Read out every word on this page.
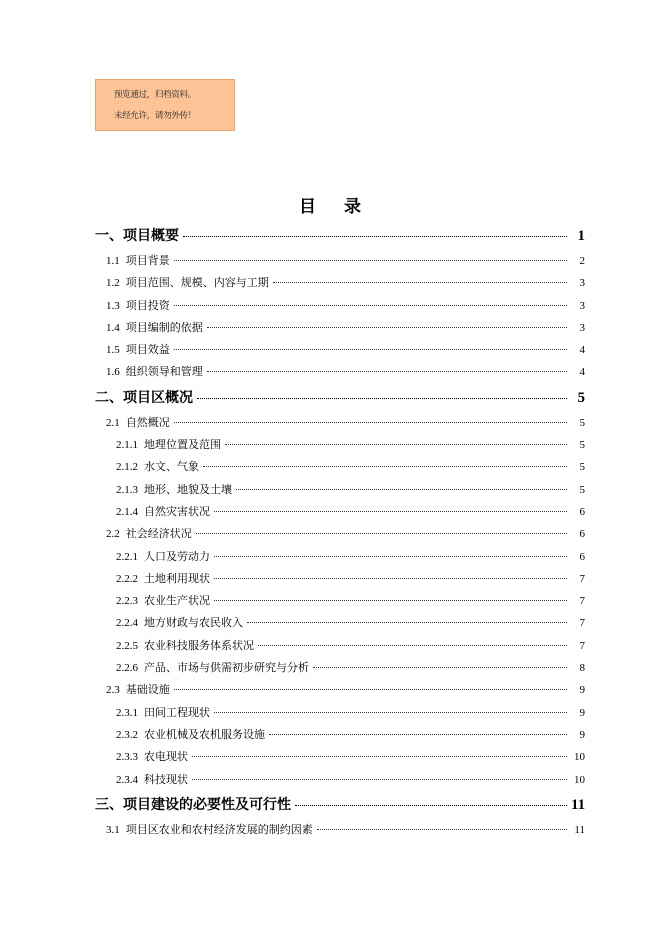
预览通过，归档资料。
未经允许，请勿外传！
目 录
一、项目概要	1
1.1 项目背景	2
1.2 项目范围、规模、内容与工期	3
1.3 项目投资	3
1.4 项目编制的依据	3
1.5 项目效益	4
1.6 组织领导和管理	4
二、项目区概况	5
2.1 自然概况	5
2.1.1 地理位置及范围	5
2.1.2 水文、气象	5
2.1.3 地形、地貌及土壤	5
2.1.4 自然灾害状况	6
2.2 社会经济状况	6
2.2.1 人口及劳动力	6
2.2.2 土地利用现状	7
2.2.3 农业生产状况	7
2.2.4 地方财政与农民收入	7
2.2.5 农业科技服务体系状况	7
2.2.6 产品、市场与供需初步研究与分析	8
2.3 基础设施	9
2.3.1 田间工程现状	9
2.3.2 农业机械及农机服务设施	9
2.3.3 农电现状	10
2.3.4 科技现状	10
三、项目建设的必要性及可行性	11
3.1 项目区农业和农村经济发展的制约因素	11
